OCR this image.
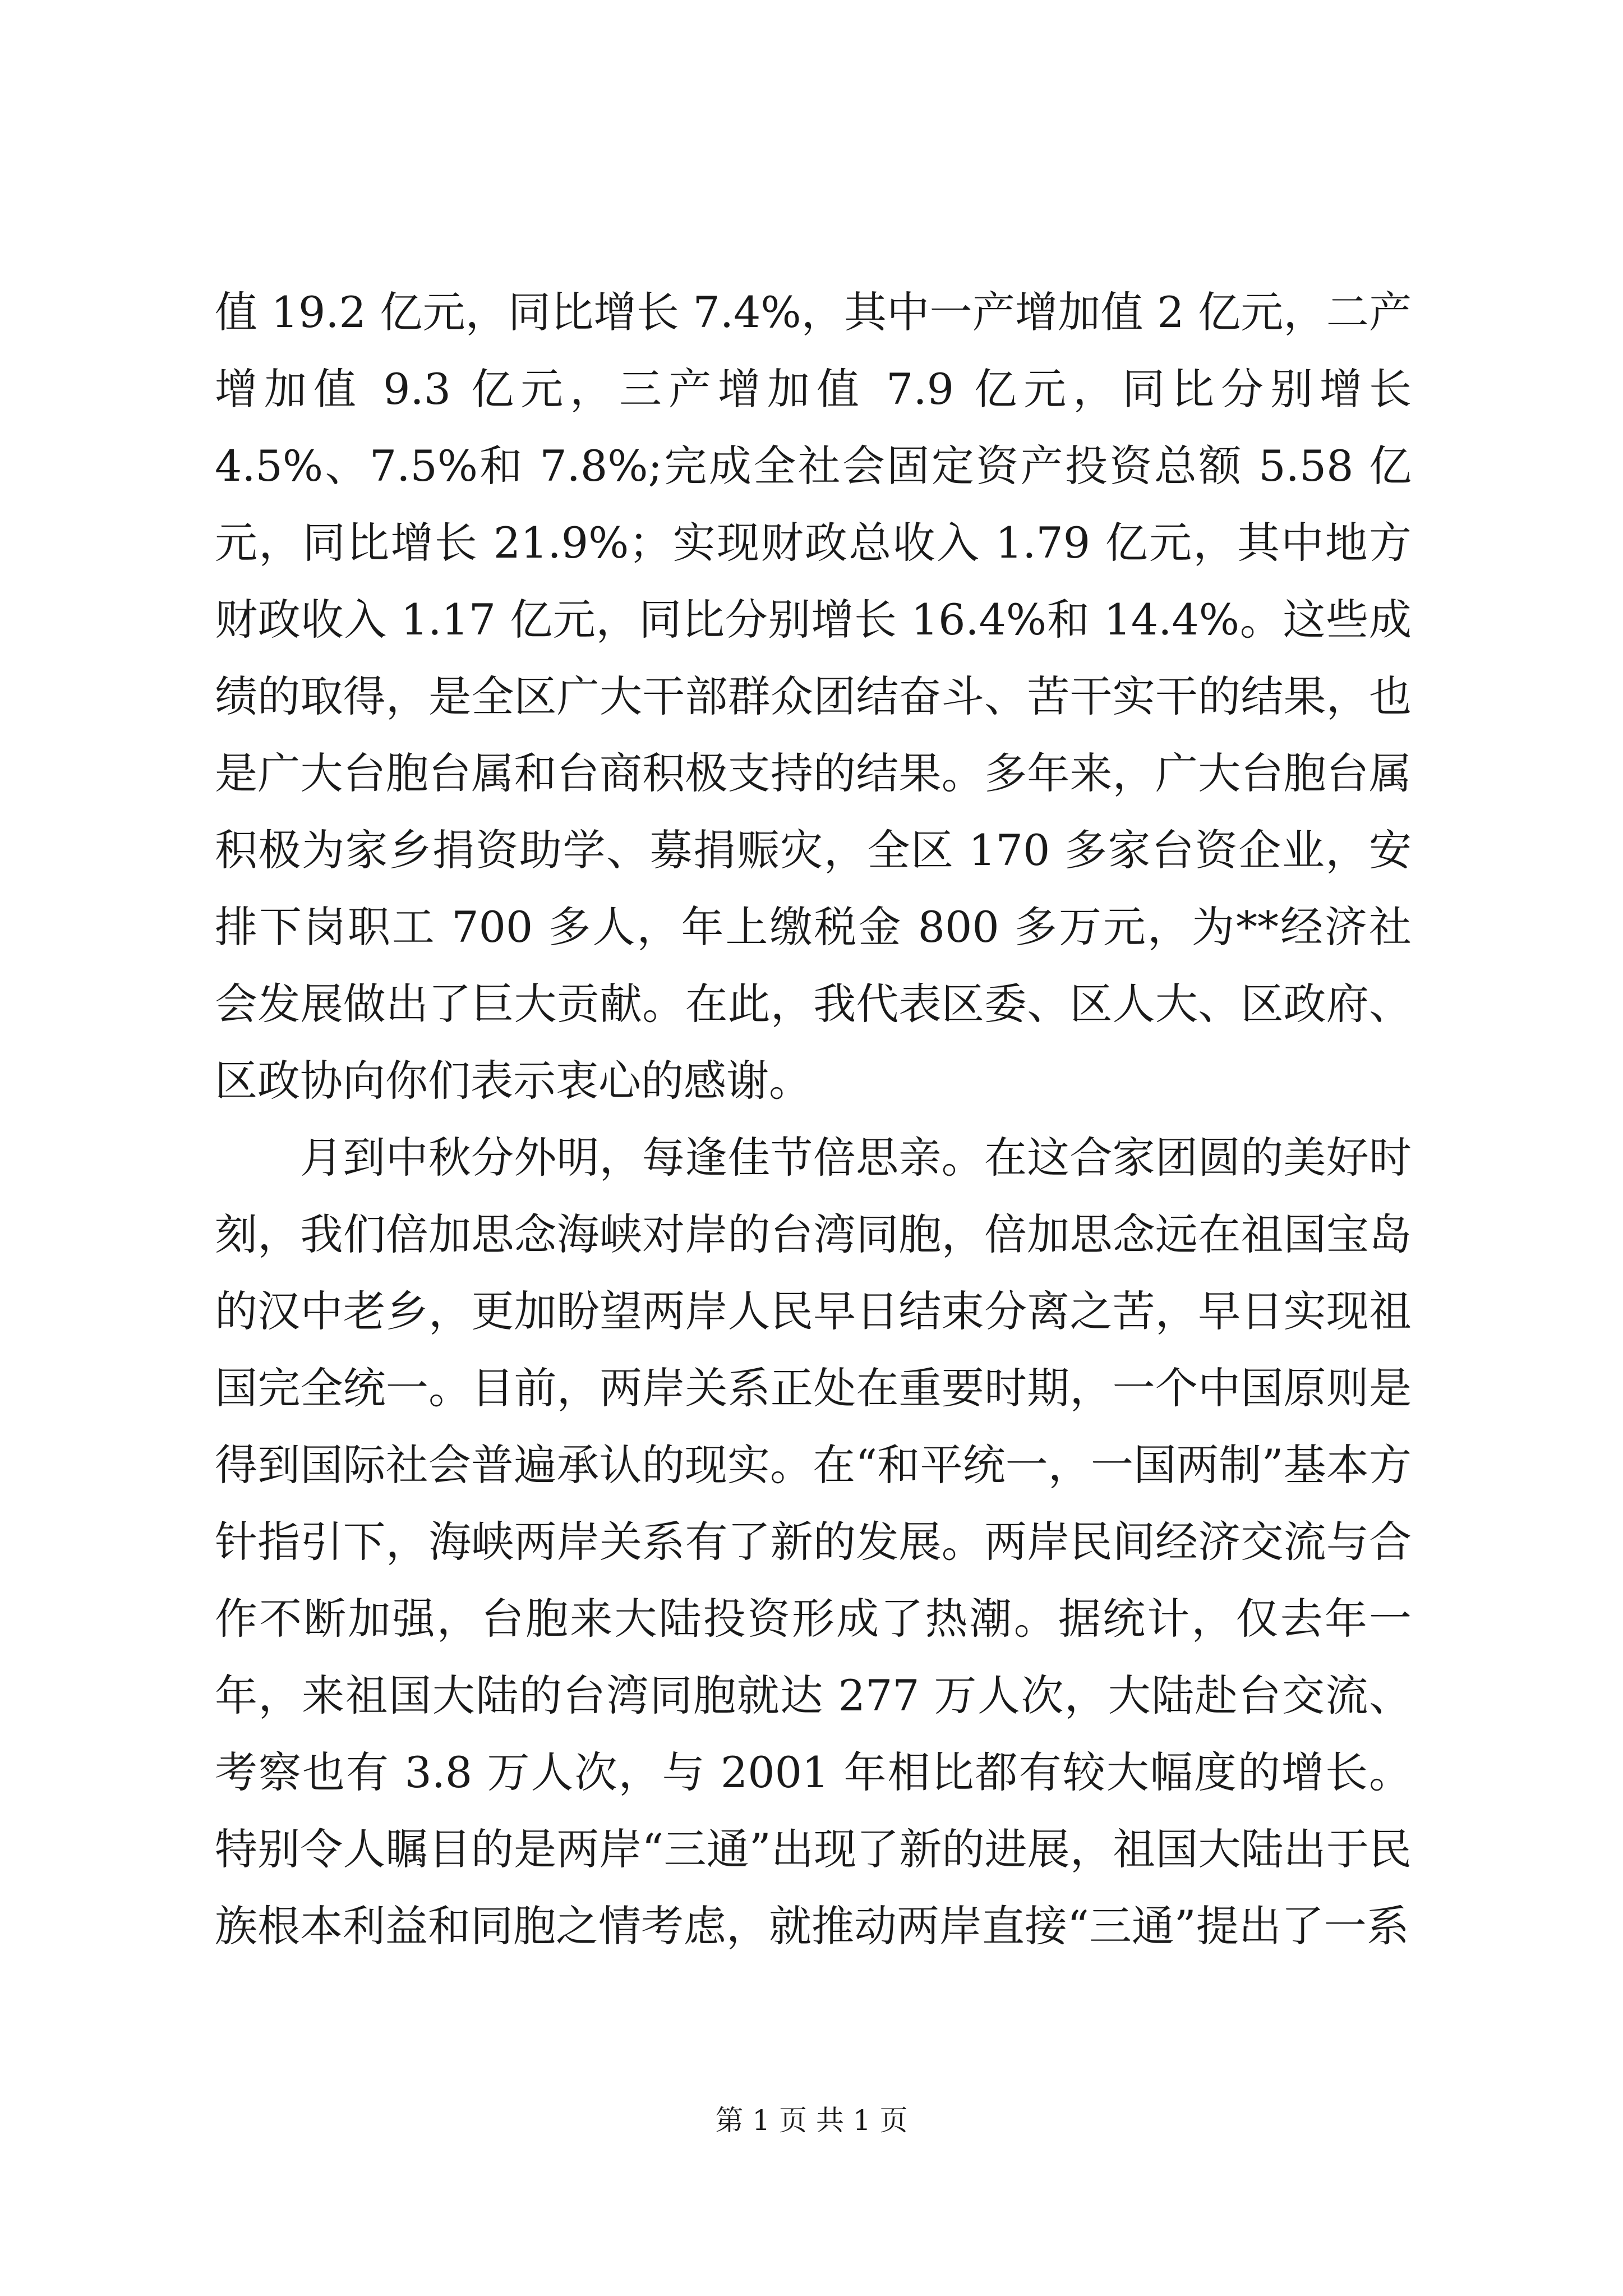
值 19.2 亿元，同比增长 7.4%，其中一产增加值 2 亿元，二产增加值 9.3 亿元，三产增加值 7.9 亿元，同比分别增长 4.5%、7.5%和 7.8%;完成全社会固定资产投资总额 5.58 亿元，同比增长 21.9%；实现财政总收入 1.79 亿元，其中地方财政收入 1.17 亿元，同比分别增长 16.4%和 14.4%。这些成绩的取得，是全区广大干部群众团结奋斗、苦干实干的结果，也是广大台胞台属和台商积极支持的结果。多年来，广大台胞台属积极为家乡捐资助学、募捐赈灾，全区 170 多家台资企业，安排下岗职工 700 多人，年上缴税金 800 多万元，为**经济社会发展做出了巨大贡献。在此，我代表区委、区人大、区政府、区政协向你们表示衷心的感谢。

月到中秋分外明，每逢佳节倍思亲。在这合家团圆的美好时刻，我们倍加思念海峡对岸的台湾同胞，倍加思念远在祖国宝岛的汉中老乡，更加盼望两岸人民早日结束分离之苦，早日实现祖国完全统一。目前，两岸关系正处在重要时期，一个中国原则是得到国际社会普遍承认的现实。在“和平统一，一国两制”基本方针指引下，海峡两岸关系有了新的发展。两岸民间经济交流与合作不断加强，台胞来大陆投资形成了热潮。据统计，仅去年一年，来祖国大陆的台湾同胞就达 277 万人次，大陆赴台交流、考察也有 3.8 万人次，与 2001 年相比都有较大幅度的增长。特别令人瞩目的是两岸“三通”出现了新的进展，祖国大陆出于民族根本利益和同胞之情考虑，就推动两岸直接“三通”提出了一系

第 1 页 共 1 页
